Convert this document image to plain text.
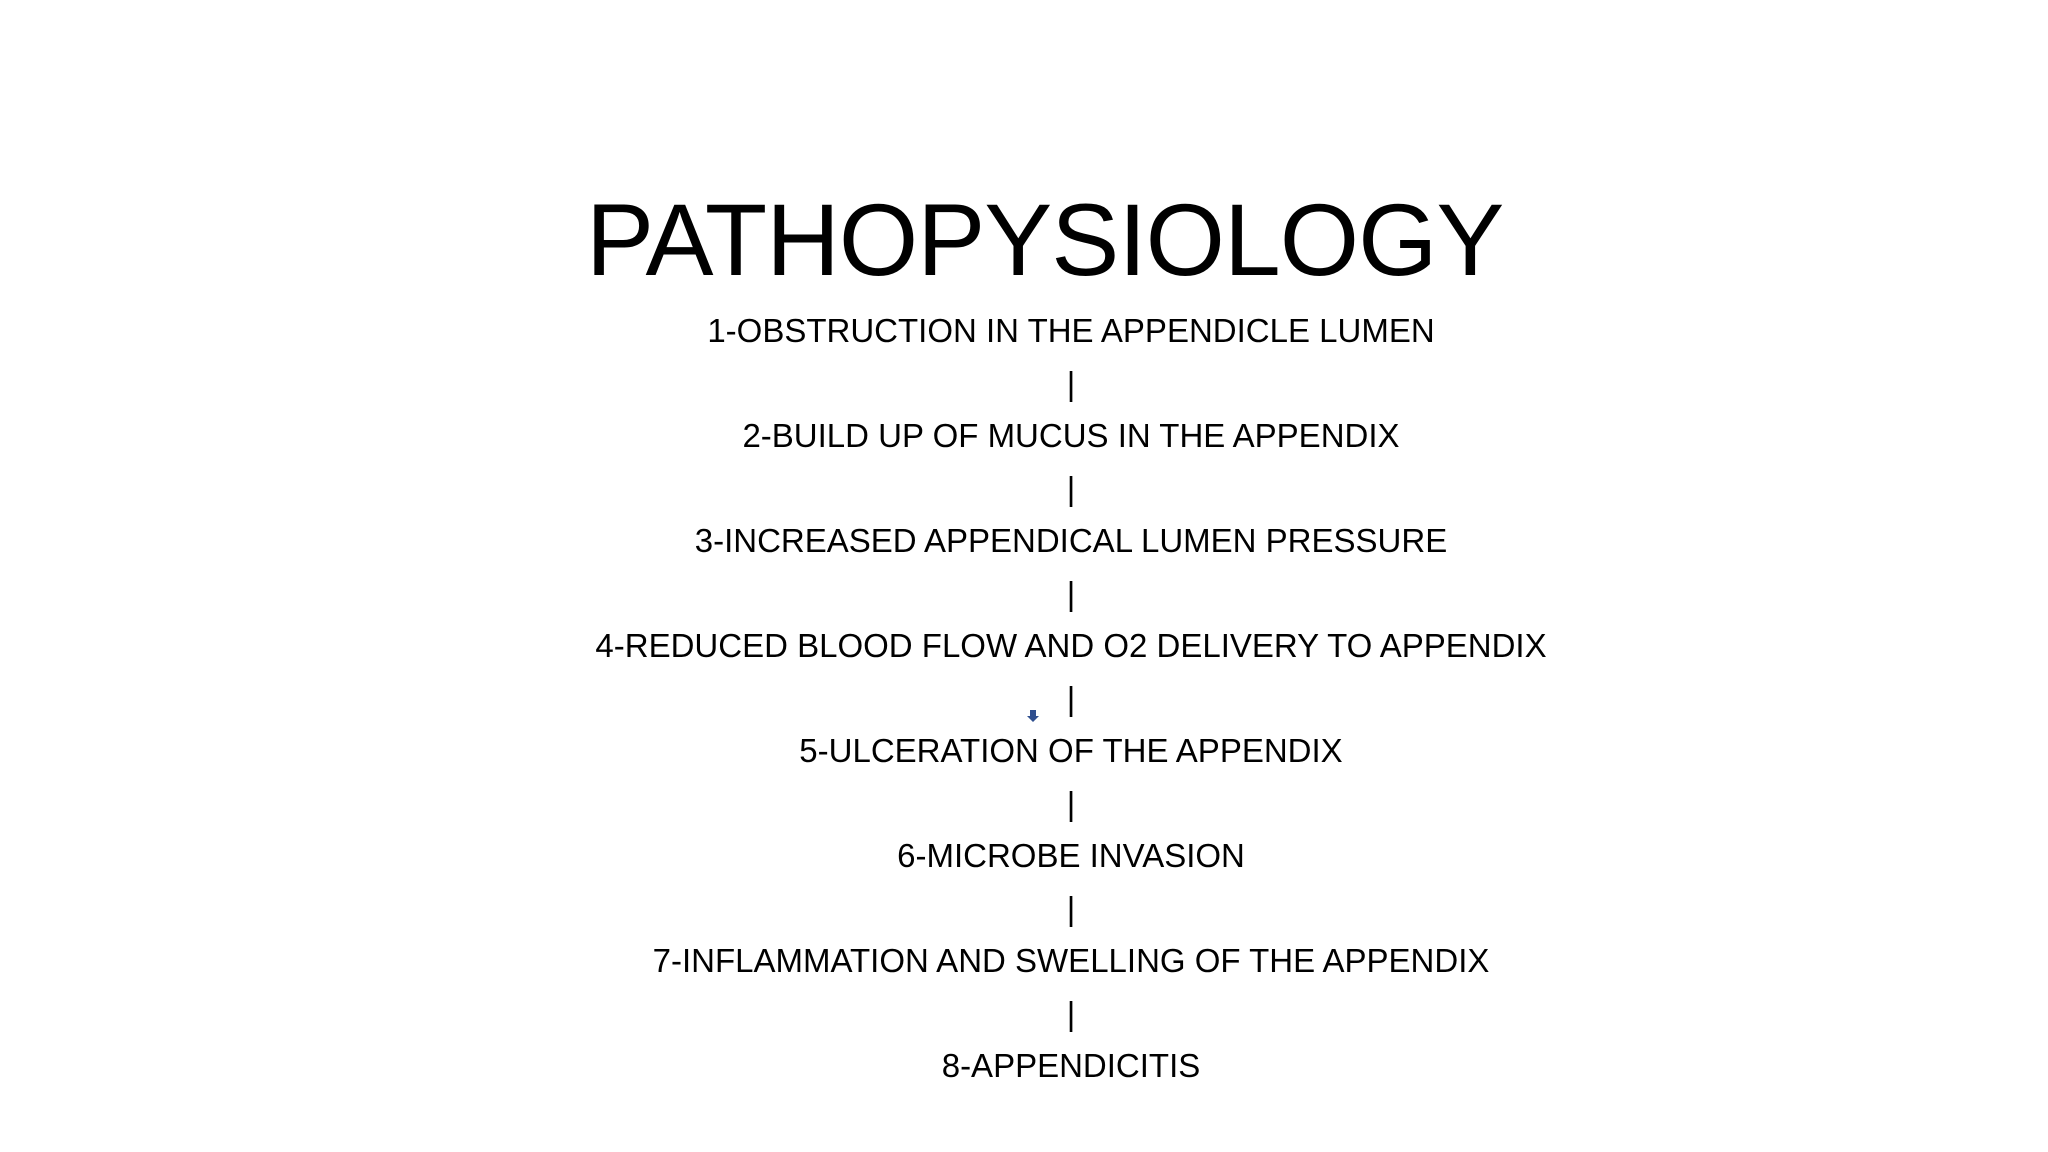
PATHOPYSIOLOGY
1-OBSTRUCTION IN THE APPENDICLE LUMEN
|
2-BUILD UP OF MUCUS IN THE APPENDIX
|
3-INCREASED APPENDICAL LUMEN PRESSURE
|
4-REDUCED BLOOD FLOW AND O2 DELIVERY TO APPENDIX
|
5-ULCERATION OF THE APPENDIX
|
6-MICROBE INVASION
|
7-INFLAMMATION AND SWELLING OF THE APPENDIX
|
8-APPENDICITIS
